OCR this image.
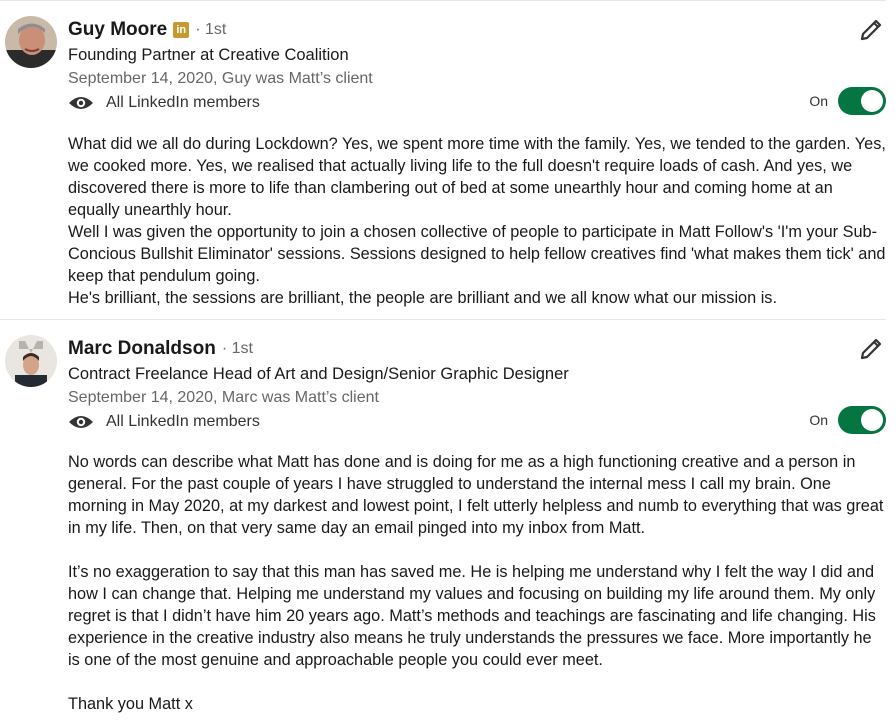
Guy Moore in · 1st
Founding Partner at Creative Coalition
September 14, 2020, Guy was Matt’s client
All LinkedIn members	On

What did we all do during Lockdown? Yes, we spent more time with the family. Yes, we tended to the garden. Yes, we cooked more. Yes, we realised that actually living life to the full doesn't require loads of cash. And yes, we discovered there is more to life than clambering out of bed at some unearthly hour and coming home at an equally unearthly hour.

Well I was given the opportunity to join a chosen collective of people to participate in Matt Follow's 'I'm your Sub-Concious Bullshit Eliminator' sessions. Sessions designed to help fellow creatives find 'what makes them tick' and keep that pendulum going.

He's brilliant, the sessions are brilliant, the people are brilliant and we all know what our mission is.

Marc Donaldson · 1st
Contract Freelance Head of Art and Design/Senior Graphic Designer
September 14, 2020, Marc was Matt’s client
All LinkedIn members	On

No words can describe what Matt has done and is doing for me as a high functioning creative and a person in general. For the past couple of years I have struggled to understand the internal mess I call my brain. One morning in May 2020, at my darkest and lowest point, I felt utterly helpless and numb to everything that was great in my life. Then, on that very same day an email pinged into my inbox from Matt.

It’s no exaggeration to say that this man has saved me. He is helping me understand why I felt the way I did and how I can change that. Helping me understand my values and focusing on building my life around them. My only regret is that I didn’t have him 20 years ago. Matt’s methods and teachings are fascinating and life changing. His experience in the creative industry also means he truly understands the pressures we face. More importantly he is one of the most genuine and approachable people you could ever meet.

Thank you Matt x
